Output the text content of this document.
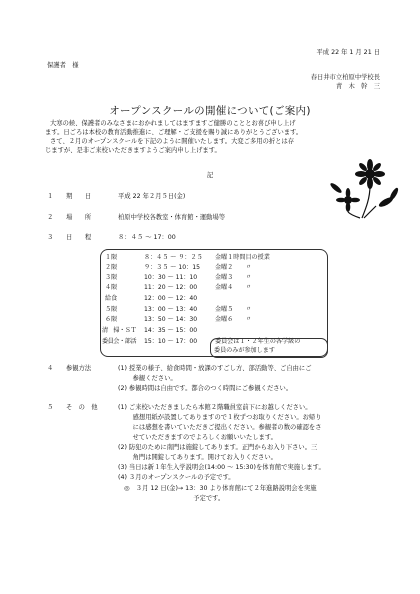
平成 22 年 1 月 21 日
保護者　様
春日井市立柏原中学校長
青　木　幹　三
オープンスクールの開催について(ご案内)
大寒の候、保護者のみなさまにおかれましてはますますご健勝のこととお喜び申し上げ
ます。日ごろは本校の教育活動推進に、ご理解・ご支援を賜り誠にありがとうございます。
さて、２月のオープンスクールを下記のように開催いたします。大変ご多用の折とは存
じますが、是非ご来校いただきますようご案内申し上げます。
記
１ 期　　日	平成 22 年２月５日(金)
２ 場　　所	柏原中学校各教室・体育館・運動場等
３ 日　　程	８：４５ ～ 17：00
１限	８：４５ ～ ９：２５ 金曜１時間目の授業
２限	９：３５ ～ 10：15 金曜２　　〃
３限	10：30 ～ 11：10	金曜３　　〃
４限	11：20 ～ 12：00	金曜４　　〃
給食	12：00 ～ 12：40
５限	13：00 ～ 13：40	金曜５　　〃
６限	13：50 ～ 14：30	金曜６　　〃
清　掃・ＳＴ 14：35 ～ 15：00
委員会・部活 15：10 ～ 17：00	委員会は１・２年生の各学級の
委員のみが参加します
４ 参観方法	(1) 授業の様子、給食時間・放課のすごし方、部活動等、ご自由にご
　　 参観ください。
(2) 参観時間は自由です。都合のつく時間にご参観ください。
５ そ　の　他	(1) ご来校いただきましたら本館２階職員室前下にお越しください。
　　 感想用紙が設置してありますので１枚ずつお取りください。お帰り
　　 には感想を書いていただきご提出ください。参観者の数の確認をさ
　　 せていただきますのでよろしくお願いいたします。
(2) 防犯のために南門は施錠してあります。正門からお入り下さい。三
　　 角門は開錠してあります。開けてお入りください。
(3) 当日は新１年生入学説明会(14:00 ～ 15:30)を体育館で実施します。
(4) ３月のオープンスクールの予定です。
◎　３月 12 日(金)→ 13：30 より体育館にて２年進路説明会を実施
　　　　　　　　　　　予定です。
